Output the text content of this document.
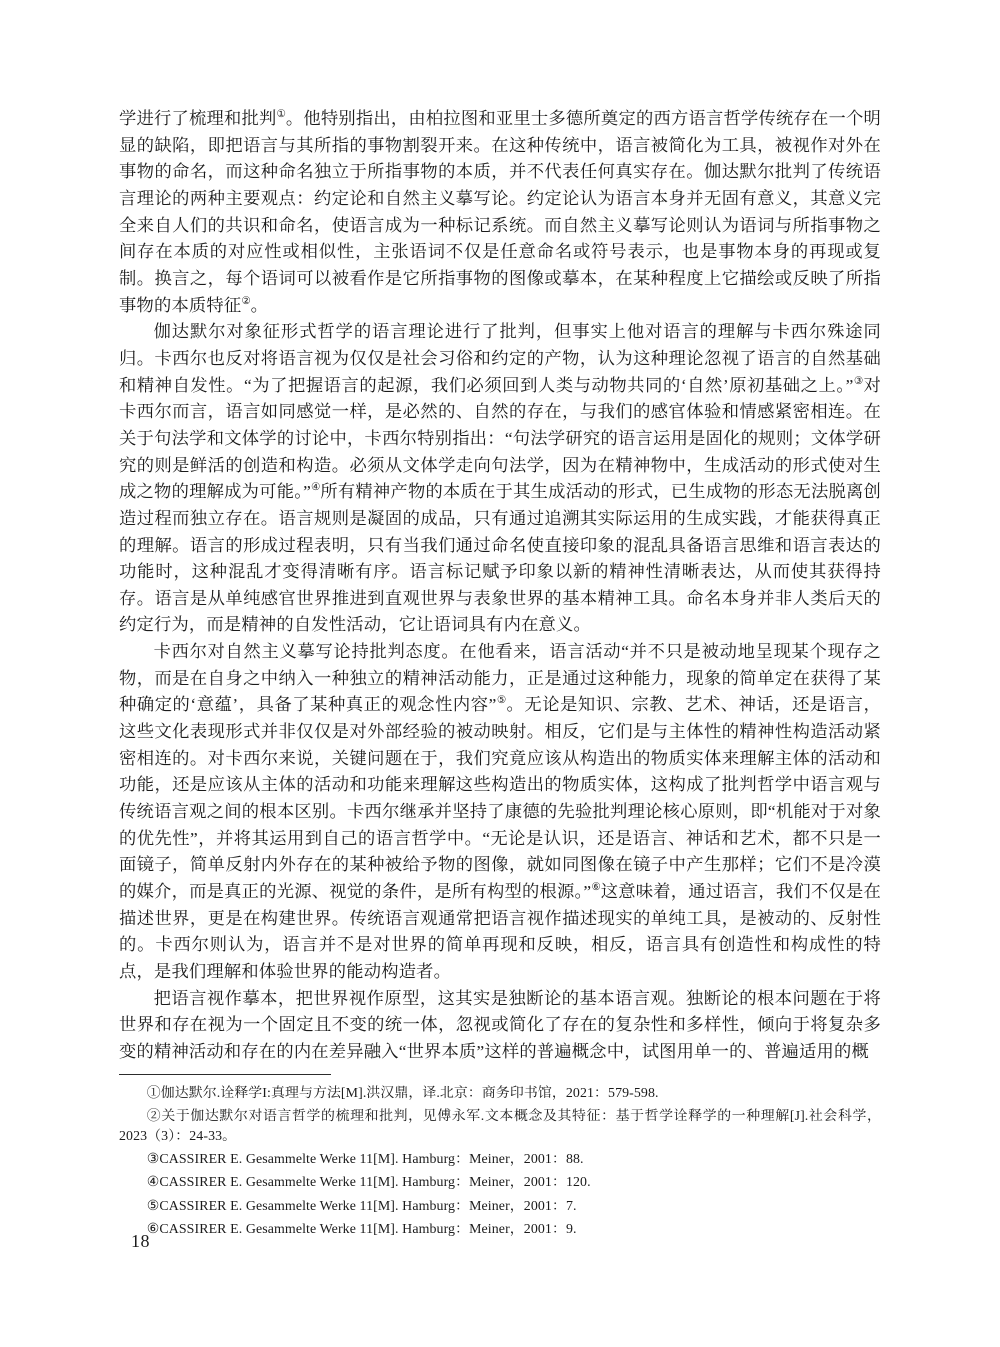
学进行了梳理和批判①。他特别指出，由柏拉图和亚里士多德所奠定的西方语言哲学传统存在一个明显的缺陷，即把语言与其所指的事物割裂开来。在这种传统中，语言被简化为工具，被视作对外在事物的命名，而这种命名独立于所指事物的本质，并不代表任何真实存在。伽达默尔批判了传统语言理论的两种主要观点：约定论和自然主义摹写论。约定论认为语言本身并无固有意义，其意义完全来自人们的共识和命名，使语言成为一种标记系统。而自然主义摹写论则认为语词与所指事物之间存在本质的对应性或相似性，主张语词不仅是任意命名或符号表示，也是事物本身的再现或复制。换言之，每个语词可以被看作是它所指事物的图像或摹本，在某种程度上它描绘或反映了所指事物的本质特征②。

伽达默尔对象征形式哲学的语言理论进行了批判，但事实上他对语言的理解与卡西尔殊途同归。卡西尔也反对将语言视为仅仅是社会习俗和约定的产物，认为这种理论忽视了语言的自然基础和精神自发性。“为了把握语言的起源，我们必须回到人类与动物共同的‘自然’原初基础之上。”③对卡西尔而言，语言如同感觉一样，是必然的、自然的存在，与我们的感官体验和情感紧密相连。在关于句法学和文体学的讨论中，卡西尔特别指出：“句法学研究的语言运用是固化的规则；文体学研究的则是鲜活的创造和构造。必须从文体学走向句法学，因为在精神物中，生成活动的形式使对生成之物的理解成为可能。”④所有精神产物的本质在于其生成活动的形式，已生成物的形态无法脱离创造过程而独立存在。语言规则是凝固的成品，只有通过追溯其实际运用的生成实践，才能获得真正的理解。语言的形成过程表明，只有当我们通过命名使直接印象的混乱具备语言思维和语言表达的功能时，这种混乱才变得清晰有序。语言标记赋予印象以新的精神性清晰表达，从而使其获得持存。语言是从单纯感官世界推进到直观世界与表象世界的基本精神工具。命名本身并非人类后天的约定行为，而是精神的自发性活动，它让语词具有内在意义。

卡西尔对自然主义摹写论持批判态度。在他看来，语言活动“并不只是被动地呈现某个现存之物，而是在自身之中纳入一种独立的精神活动能力，正是通过这种能力，现象的简单定在获得了某种确定的‘意蕴’，具备了某种真正的观念性内容”⑤。无论是知识、宗教、艺术、神话，还是语言，这些文化表现形式并非仅仅是对外部经验的被动映射。相反，它们是与主体性的精神性构造活动紧密相连的。对卡西尔来说，关键问题在于，我们究竟应该从构造出的物质实体来理解主体的活动和功能，还是应该从主体的活动和功能来理解这些构造出的物质实体，这构成了批判哲学中语言观与传统语言观之间的根本区别。卡西尔继承并坚持了康德的先验批判理论核心原则，即“机能对于对象的优先性”，并将其运用到自己的语言哲学中。“无论是认识，还是语言、神话和艺术，都不只是一面镜子，简单反射内外存在的某种被给予物的图像，就如同图像在镜子中产生那样；它们不是冷漠的媒介，而是真正的光源、视觉的条件，是所有构型的根源。”⑥这意味着，通过语言，我们不仅是在描述世界，更是在构建世界。传统语言观通常把语言视作描述现实的单纯工具，是被动的、反射性的。卡西尔则认为，语言并不是对世界的简单再现和反映，相反，语言具有创造性和构成性的特点，是我们理解和体验世界的能动构造者。

把语言视作摹本，把世界视作原型，这其实是独断论的基本语言观。独断论的根本问题在于将世界和存在视为一个固定且不变的统一体，忽视或简化了存在的复杂性和多样性，倾向于将复杂多变的精神活动和存在的内在差异融入“世界本质”这样的普遍概念中，试图用单一的、普遍适用的概

①伽达默尔.诠释学I:真理与方法[M].洪汉鼎，译.北京：商务印书馆，2021：579-598.

②关于伽达默尔对语言哲学的梳理和批判，见傅永军.文本概念及其特征：基于哲学诠释学的一种理解[J].社会科学，2023（3）：24-33。

③CASSIRER E. Gesammelte Werke 11[M]. Hamburg：Meiner，2001：88.

④CASSIRER E. Gesammelte Werke 11[M]. Hamburg：Meiner，2001：120.

⑤CASSIRER E. Gesammelte Werke 11[M]. Hamburg：Meiner，2001：7.

⑥CASSIRER E. Gesammelte Werke 11[M]. Hamburg：Meiner，2001：9.

18
